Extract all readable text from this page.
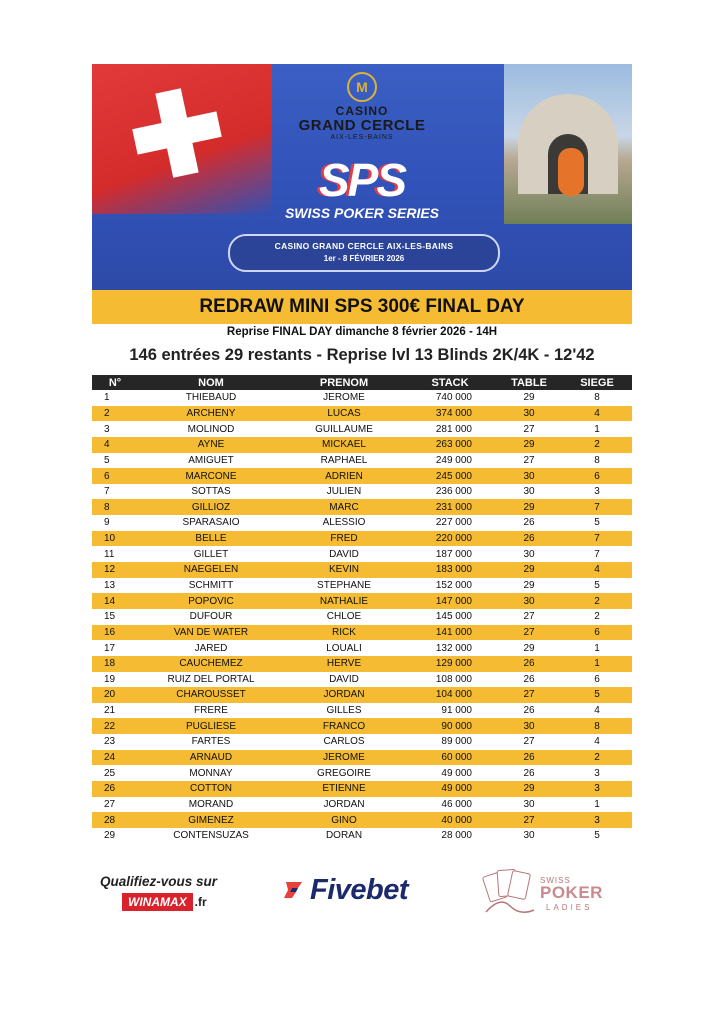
M
CASINO
GRAND CERCLE
AIX-LES-BAINS
SPS
SWISS POKER SERIES
CASINO GRAND CERCLE AIX-LES-BAINS
1er - 8 FÉVRIER 2026
REDRAW MINI SPS 300€ FINAL DAY
Reprise FINAL DAY dimanche 8 février 2026 - 14H
146 entrées 29 restants - Reprise lvl 13 Blinds 2K/4K - 12'42
N°	NOM	PRENOM	STACK	TABLE	SIEGE
1	THIEBAUD	JEROME	740 000	29	8
2	ARCHENY	LUCAS	374 000	30	4
3	MOLINOD	GUILLAUME	281 000	27	1
4	AYNE	MICKAEL	263 000	29	2
5	AMIGUET	RAPHAEL	249 000	27	8
6	MARCONE	ADRIEN	245 000	30	6
7	SOTTAS	JULIEN	236 000	30	3
8	GILLIOZ	MARC	231 000	29	7
9	SPARASAIO	ALESSIO	227 000	26	5
10	BELLE	FRED	220 000	26	7
11	GILLET	DAVID	187 000	30	7
12	NAEGELEN	KEVIN	183 000	29	4
13	SCHMITT	STEPHANE	152 000	29	5
14	POPOVIC	NATHALIE	147 000	30	2
15	DUFOUR	CHLOE	145 000	27	2
16	VAN DE WATER	RICK	141 000	27	6
17	JARED	LOUALI	132 000	29	1
18	CAUCHEMEZ	HERVE	129 000	26	1
19	RUIZ DEL PORTAL	DAVID	108 000	26	6
20	CHAROUSSET	JORDAN	104 000	27	5
21	FRERE	GILLES	91 000	26	4
22	PUGLIESE	FRANCO	90 000	30	8
23	FARTES	CARLOS	89 000	27	4
24	ARNAUD	JEROME	60 000	26	2
25	MONNAY	GREGOIRE	49 000	26	3
26	COTTON	ETIENNE	49 000	29	3
27	MORAND	JORDAN	46 000	30	1
28	GIMENEZ	GINO	40 000	27	3
29	CONTENSUZAS	DORAN	28 000	30	5
Qualifiez-vous sur
WINAMAX .fr	Fivebet	SWISS
POKER
LADIES
